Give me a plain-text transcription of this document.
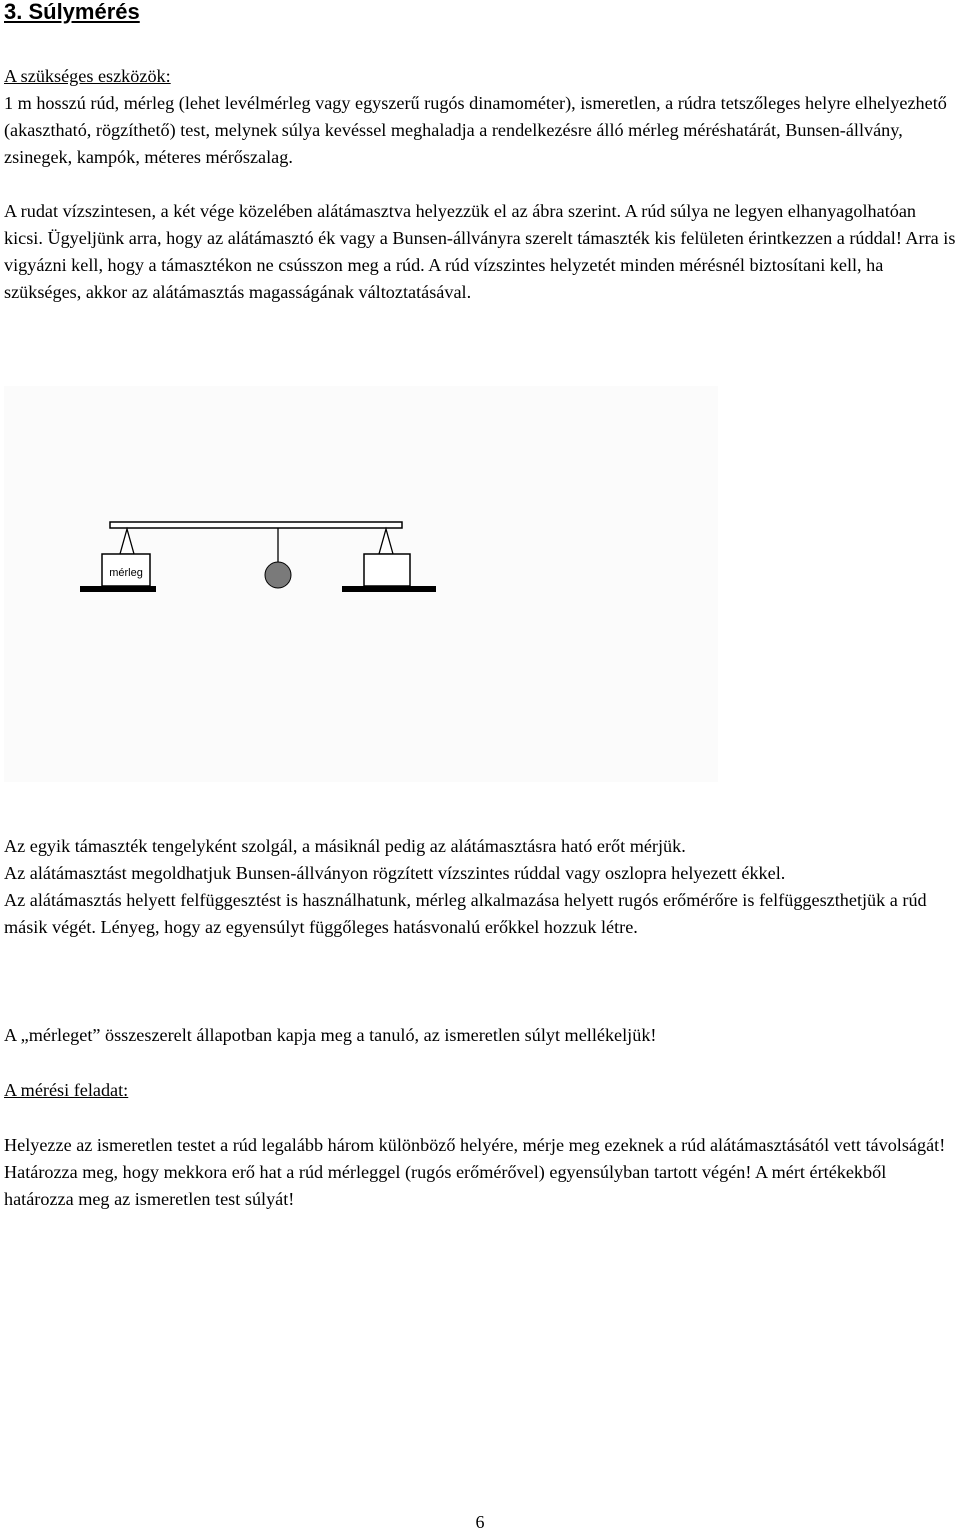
3. Súlymérés

A szükséges eszközök:
1 m hosszú rúd, mérleg (lehet levélmérleg vagy egyszerű rugós dinamométer), ismeretlen, a rúdra tetszőleges helyre elhelyezhető (akasztható, rögzíthető) test, melynek súlya kevéssel meghaladja a rendelkezésre álló mérleg méréshatárát, Bunsen-állvány, zsinegek, kampók, méteres mérőszalag.

A rudat vízszintesen, a két vége közelében alátámasztva helyezzük el az ábra szerint. A rúd súlya ne legyen elhanyagolhatóan kicsi. Ügyeljünk arra, hogy az alátámasztó ék vagy a Bunsen-állványra szerelt támaszték kis felületen érintkezzen a rúddal! Arra is vigyázni kell, hogy a támasztékon ne csússzon meg a rúd. A rúd vízszintes helyzetét minden mérésnél biztosítani kell, ha szükséges, akkor az alátámasztás magasságának változtatásával.

mérleg

Az egyik támaszték tengelyként szolgál, a másiknál pedig az alátámasztásra ható erőt mérjük.
Az alátámasztást megoldhatjuk Bunsen-állványon rögzített vízszintes rúddal vagy oszlopra helyezett ékkel.
Az alátámasztás helyett felfüggesztést is használhatunk, mérleg alkalmazása helyett rugós erőmérőre is felfüggeszthetjük a rúd másik végét. Lényeg, hogy az egyensúlyt függőleges hatásvonalú erőkkel hozzuk létre.

A „mérleget” összeszerelt állapotban kapja meg a tanuló, az ismeretlen súlyt mellékeljük!

A mérési feladat:

Helyezze az ismeretlen testet a rúd legalább három különböző helyére, mérje meg ezeknek a rúd alátámasztásától vett távolságát! Határozza meg, hogy mekkora erő hat a rúd mérleggel (rugós erőmérővel) egyensúlyban tartott végén! A mért értékekből határozza meg az ismeretlen test súlyát!

6
